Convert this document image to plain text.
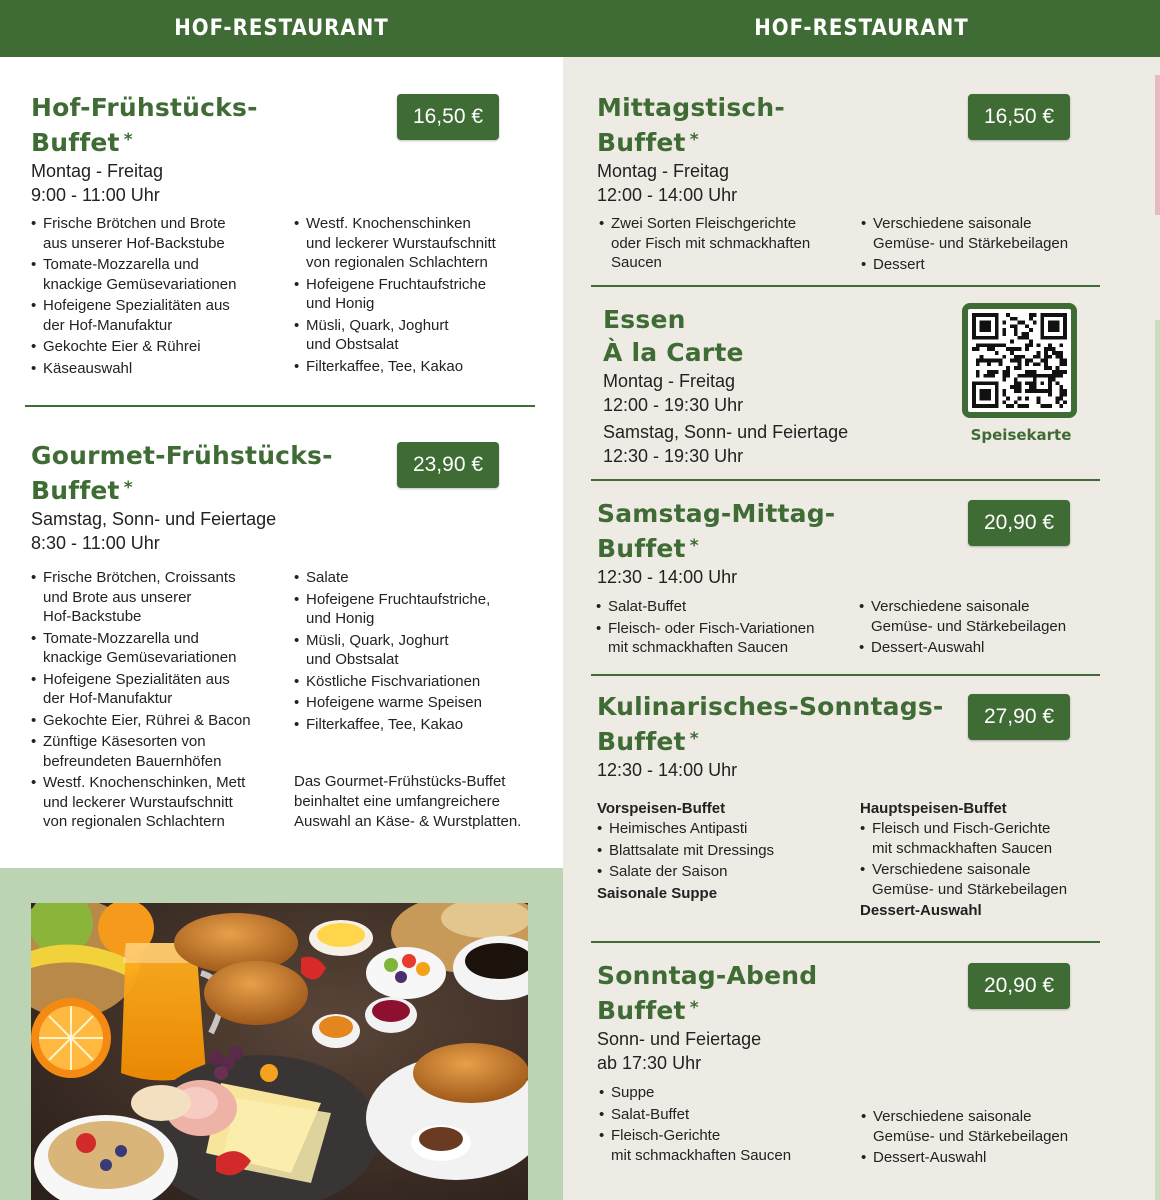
HOF-RESTAURANT	HOF-RESTAURANT
Hof-Frühstücks-
Buffet *
Montag - Freitag
9:00 - 11:00 Uhr
16,50 €
• Frische Brötchen und Brote
aus unserer Hof-Backstube
• Tomate-Mozzarella und
knackige Gemüsevariationen
• Hofeigene Spezialitäten aus
der Hof-Manufaktur
• Gekochte Eier & Rührei
• Käseauswahl
• Westf. Knochenschinken
und leckerer Wurstaufschnitt
von regionalen Schlachtern
• Hofeigene Fruchtaufstriche
und Honig
• Müsli, Quark, Joghurt
und Obstsalat
• Filterkaffee, Tee, Kakao
Gourmet-Frühstücks-
Buffet *
Samstag, Sonn- und Feiertage
8:30 - 11:00 Uhr
23,90 €
• Frische Brötchen, Croissants
und Brote aus unserer
Hof-Backstube
• Tomate-Mozzarella und
knackige Gemüsevariationen
• Hofeigene Spezialitäten aus
der Hof-Manufaktur
• Gekochte Eier, Rührei & Bacon
• Zünftige Käsesorten von
befreundeten Bauernhöfen
• Westf. Knochenschinken, Mett
und leckerer Wurstaufschnitt
von regionalen Schlachtern
• Salate
• Hofeigene Fruchtaufstriche,
und Honig
• Müsli, Quark, Joghurt
und Obstsalat
• Köstliche Fischvariationen
• Hofeigene warme Speisen
• Filterkaffee, Tee, Kakao
Das Gourmet-Frühstücks-Buffet
beinhaltet eine umfangreichere
Auswahl an Käse- & Wurstplatten.
Mittagstisch-
Buffet *
Montag - Freitag
12:00 - 14:00 Uhr
16,50 €
• Zwei Sorten Fleischgerichte
oder Fisch mit schmackhaften
Saucen
• Verschiedene saisonale
Gemüse- und Stärkebeilagen
• Dessert
Essen
À la Carte
Montag - Freitag
12:00 - 19:30 Uhr
Samstag, Sonn- und Feiertage
12:30 - 19:30 Uhr
Speisekarte
Samstag-Mittag-
Buffet *
12:30 - 14:00 Uhr
20,90 €
• Salat-Buffet
• Fleisch- oder Fisch-Variationen
mit schmackhaften Saucen
• Verschiedene saisonale
Gemüse- und Stärkebeilagen
• Dessert-Auswahl
Kulinarisches-Sonntags-
Buffet *
12:30 - 14:00 Uhr
27,90 €
Vorspeisen-Buffet
• Heimisches Antipasti
• Blattsalate mit Dressings
• Salate der Saison
Saisonale Suppe
Hauptspeisen-Buffet
• Fleisch und Fisch-Gerichte
mit schmackhaften Saucen
• Verschiedene saisonale
Gemüse- und Stärkebeilagen
Dessert-Auswahl
Sonntag-Abend
Buffet *
Sonn- und Feiertage
ab 17:30 Uhr
20,90 €
• Suppe
• Salat-Buffet
• Fleisch-Gerichte
mit schmackhaften Saucen
• Verschiedene saisonale
Gemüse- und Stärkebeilagen
• Dessert-Auswahl
